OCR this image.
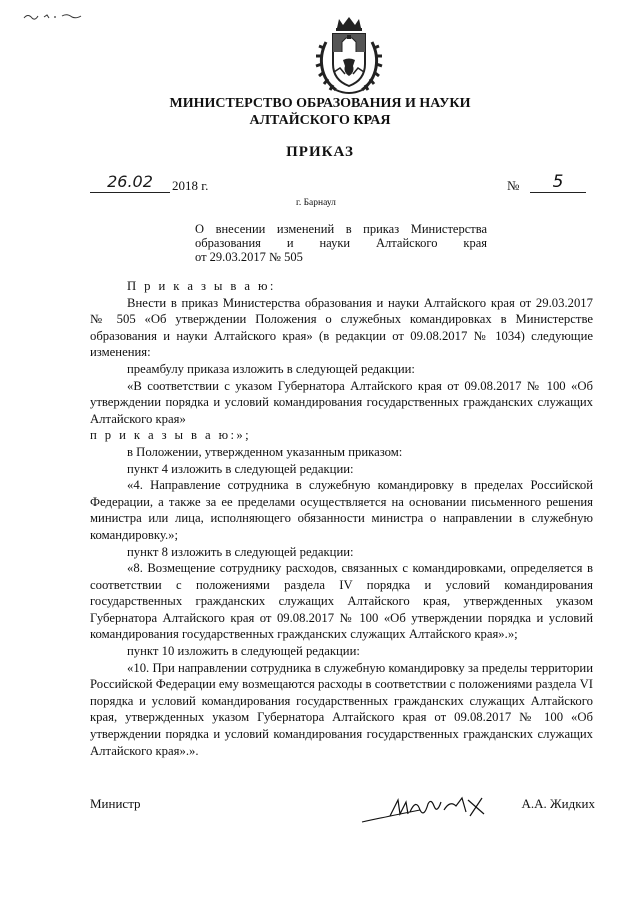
МИНИСТЕРСТВО ОБРАЗОВАНИЯ И НАУКИ
АЛТАЙСКОГО КРАЯ
ПРИКАЗ
26.02	2018 г.	№	5
г. Барнаул
О внесении изменений в приказ Министерства
образования и науки Алтайского края
от 29.03.2017 № 505

П р и к а з ы в а ю:

Внести в приказ Министерства образования и науки Алтайского края от 29.03.2017 № 505 «Об утверждении Положения о служебных командировках в Министерстве образования и науки Алтайского края» (в редакции от 09.08.2017 № 1034) следующие изменения:

преамбулу приказа изложить в следующей редакции:

«В соответствии с указом Губернатора Алтайского края от 09.08.2017 № 100 «Об утверждении порядка и условий командирования государственных гражданских служащих Алтайского края»

п р и к а з ы в а ю:»;

в Положении, утвержденном указанным приказом:

пункт 4 изложить в следующей редакции:

«4. Направление сотрудника в служебную командировку в пределах Российской Федерации, а также за ее пределами осуществляется на основании письменного решения министра или лица, исполняющего обязанности министра о направлении в служебную командировку.»;

пункт 8 изложить в следующей редакции:

«8. Возмещение сотруднику расходов, связанных с командировками, определяется в соответствии с положениями раздела IV порядка и условий командирования государственных гражданских служащих Алтайского края, утвержденных указом Губернатора Алтайского края от 09.08.2017 № 100 «Об утверждении порядка и условий командирования государственных гражданских служащих Алтайского края».»;

пункт 10 изложить в следующей редакции:

«10. При направлении сотрудника в служебную командировку за пределы территории Российской Федерации ему возмещаются расходы в соответствии с положениями раздела VI порядка и условий командирования государственных гражданских служащих Алтайского края, утвержденных указом Губернатора Алтайского края от 09.08.2017 № 100 «Об утверждении порядка и условий командирования государственных гражданских служащих Алтайского края».».

Министр	А.А. Жидких
